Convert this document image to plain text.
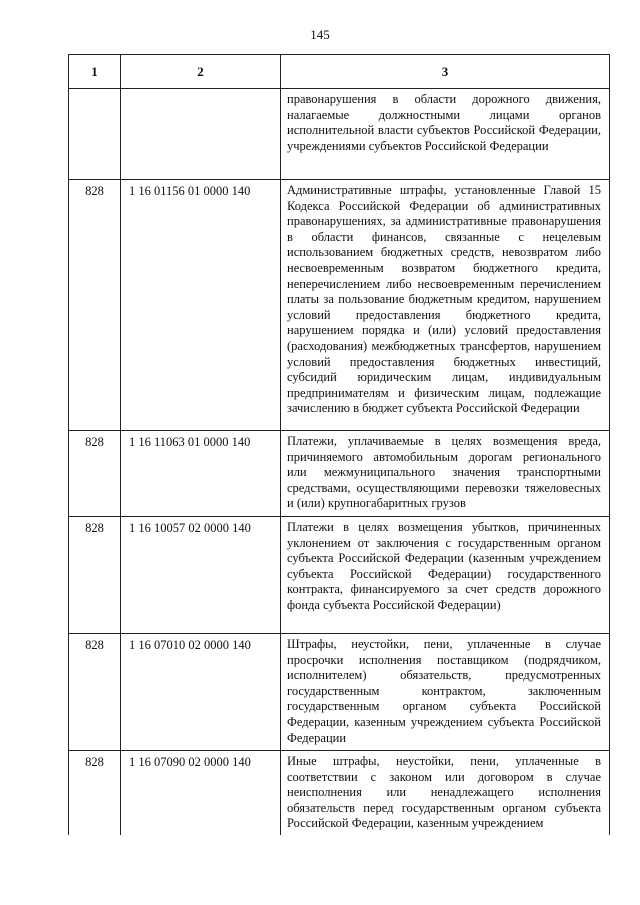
145
1	2	3
		правонарушения в области дорожного движения, налагаемые должностными лицами органов исполнительной власти субъектов Российской Федерации, учреждениями субъектов Российской Федерации
828	1 16 01156 01 0000 140	Административные штрафы, установленные Главой 15 Кодекса Российской Федерации об административных правонарушениях, за административные правонарушения в области финансов, связанные с нецелевым использованием бюджетных средств, невозвратом либо несвоевременным возвратом бюджетного кредита, неперечислением либо несвоевременным перечислением платы за пользование бюджетным кредитом, нарушением условий предоставления бюджетного кредита, нарушением порядка и (или) условий предоставления (расходования) межбюджетных трансфертов, нарушением условий предоставления бюджетных инвестиций, субсидий юридическим лицам, индивидуальным предпринимателям и физическим лицам, подлежащие зачислению в бюджет субъекта Российской Федерации
828	1 16 11063 01 0000 140	Платежи, уплачиваемые в целях возмещения вреда, причиняемого автомобильным дорогам регионального или межмуниципального значения транспортными средствами, осуществляющими перевозки тяжеловесных и (или) крупногабаритных грузов
828	1 16 10057 02 0000 140	Платежи в целях возмещения убытков, причиненных уклонением от заключения с государственным органом субъекта Российской Федерации (казенным учреждением субъекта Российской Федерации) государственного контракта, финансируемого за счет средств дорожного фонда субъекта Российской Федерации)
828	1 16 07010 02 0000 140	Штрафы, неустойки, пени, уплаченные в случае просрочки исполнения поставщиком (подрядчиком, исполнителем) обязательств, предусмотренных государственным контрактом, заключенным государственным органом субъекта Российской Федерации, казенным учреждением субъекта Российской Федерации
828	1 16 07090 02 0000 140	Иные штрафы, неустойки, пени, уплаченные в соответствии с законом или договором в случае неисполнения или ненадлежащего исполнения обязательств перед государственным органом субъекта Российской Федерации, казенным учреждением
